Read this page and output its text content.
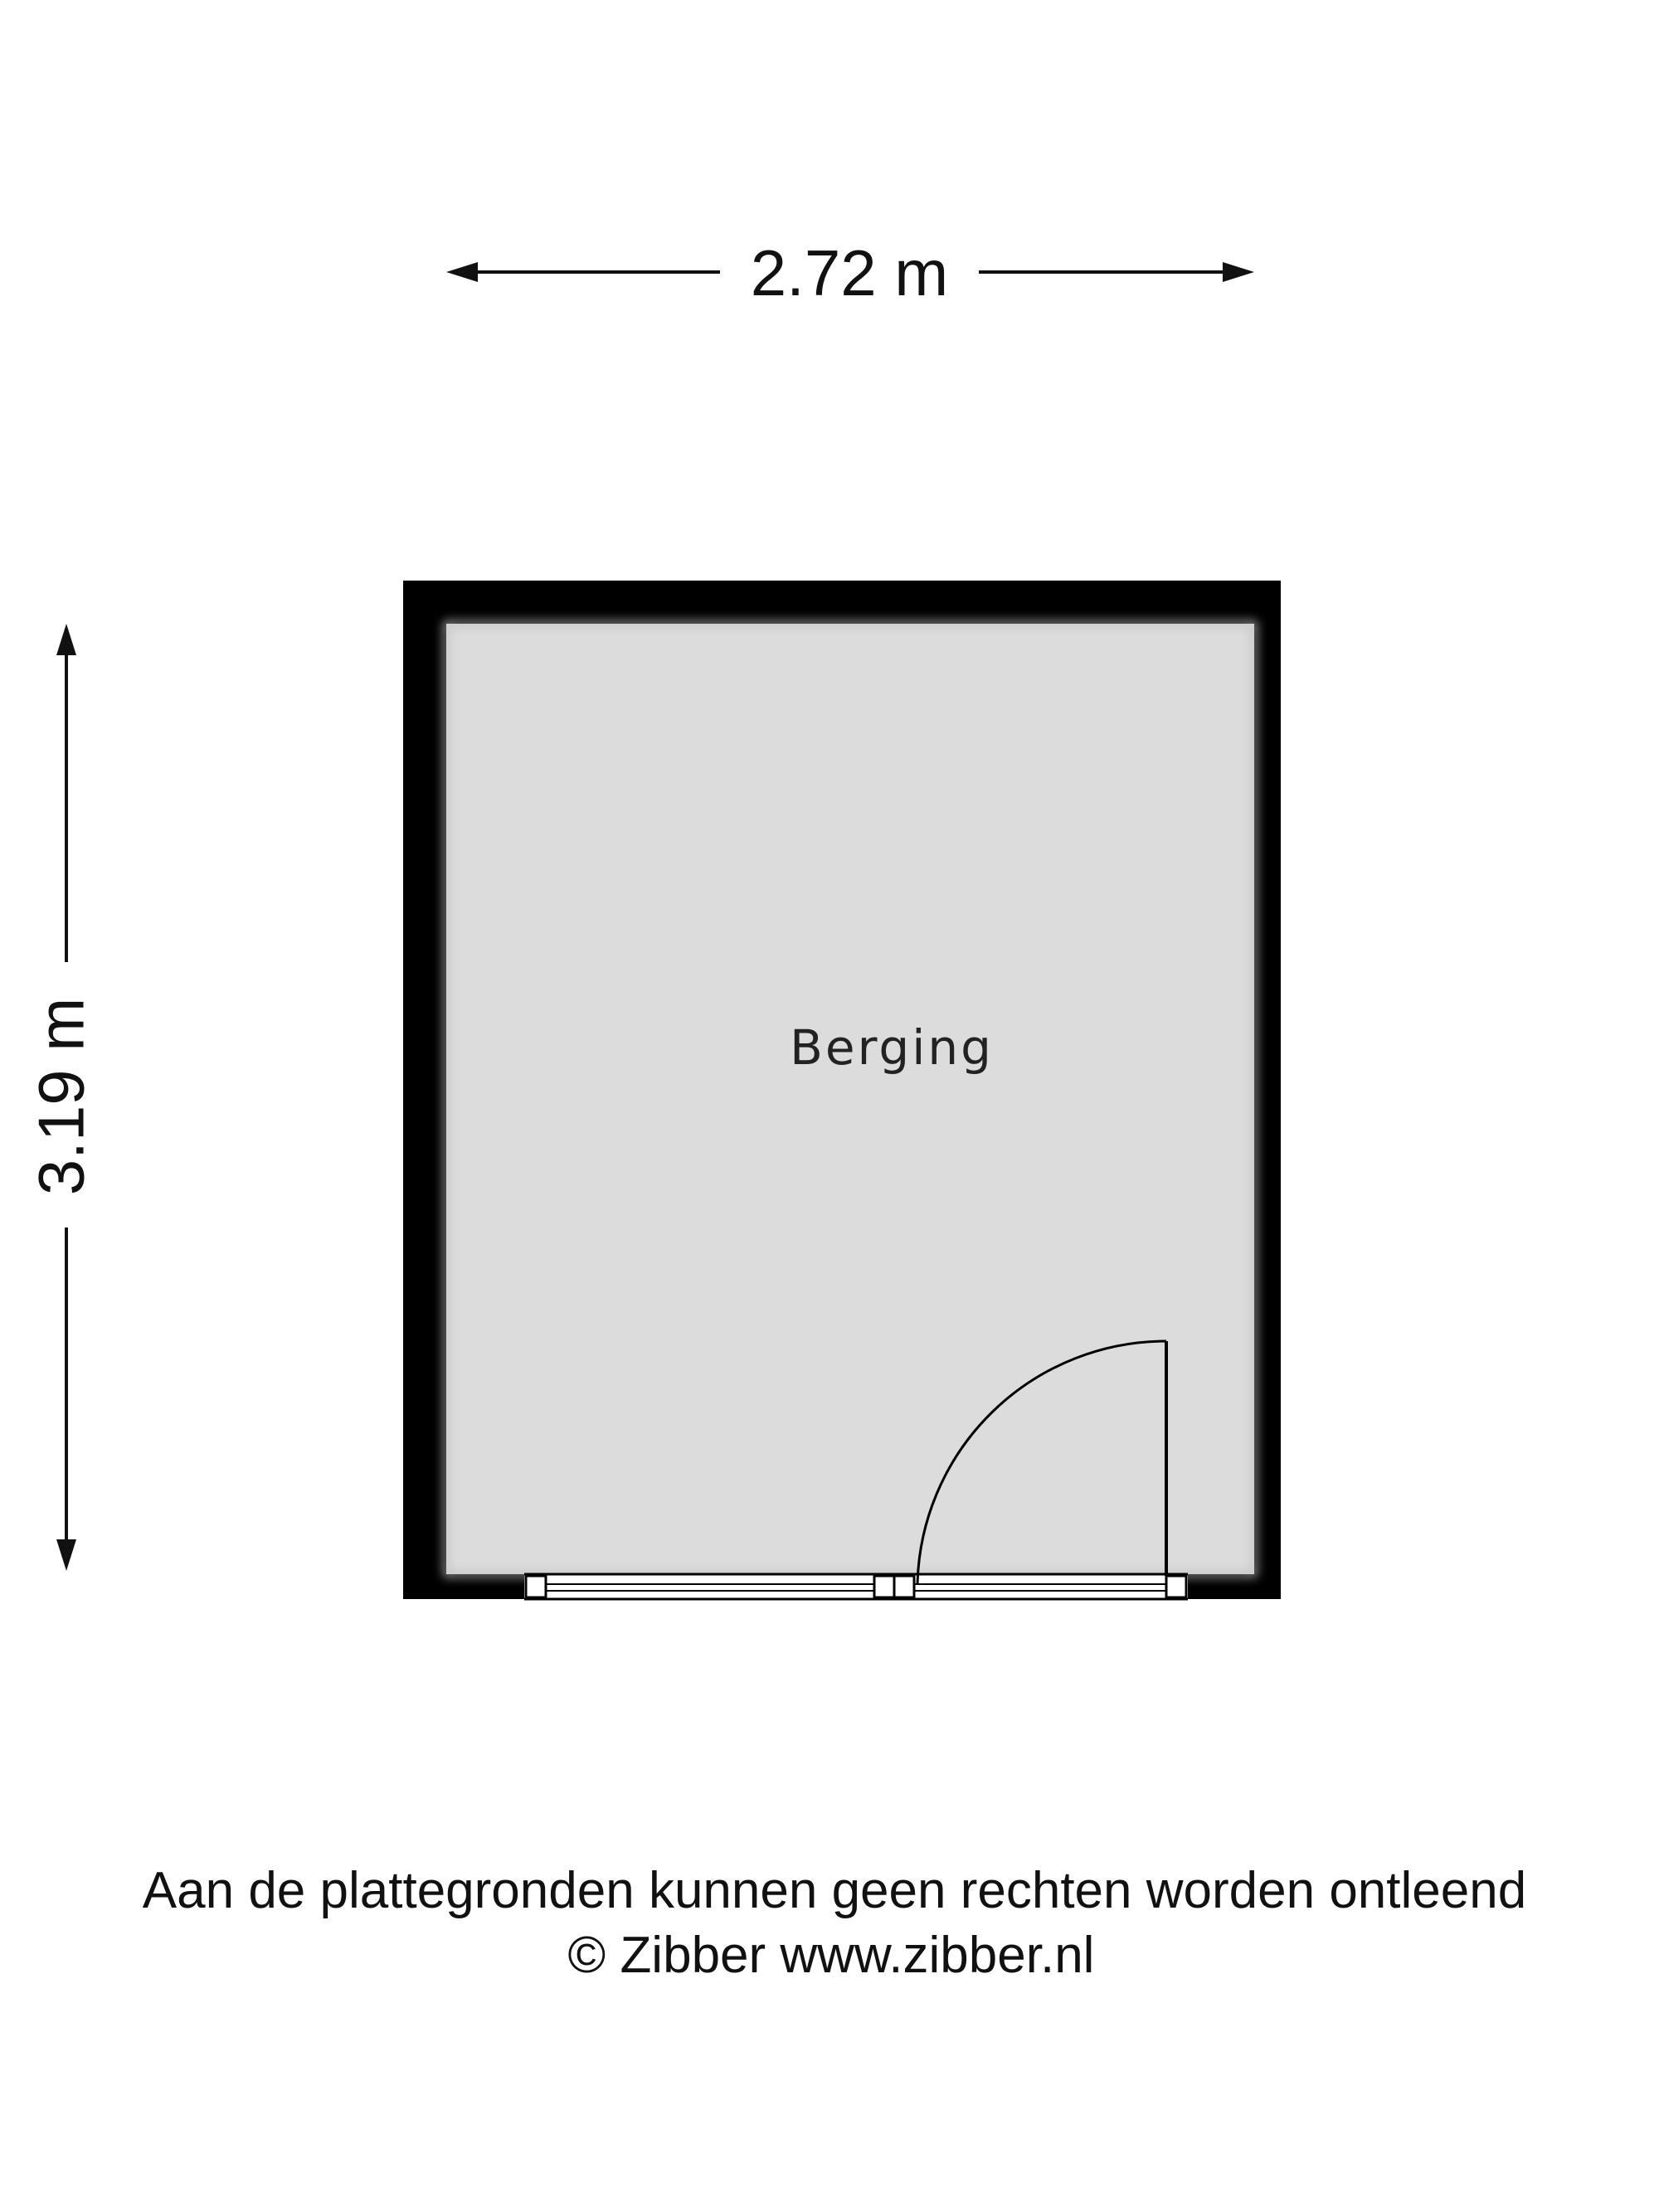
2.72 m
3.19 m	Berging
Aan de plattegronden kunnen geen rechten worden ontleend
© Zibber www.zibber.nl
